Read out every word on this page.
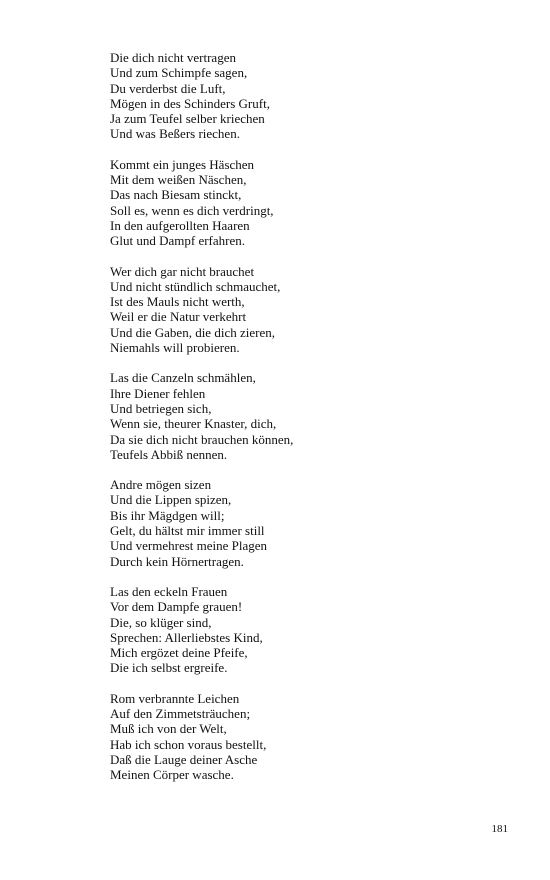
Die dich nicht vertragen
Und zum Schimpfe sagen,
Du verderbst die Luft,
Mögen in des Schinders Gruft,
Ja zum Teufel selber kriechen
Und was Beßers riechen.
Kommt ein junges Häschen
Mit dem weißen Näschen,
Das nach Biesam stinckt,
Soll es, wenn es dich verdringt,
In den aufgerollten Haaren
Glut und Dampf erfahren.
Wer dich gar nicht brauchet
Und nicht stündlich schmauchet,
Ist des Mauls nicht werth,
Weil er die Natur verkehrt
Und die Gaben, die dich zieren,
Niemahls will probieren.
Las die Canzeln schmählen,
Ihre Diener fehlen
Und betriegen sich,
Wenn sie, theurer Knaster, dich,
Da sie dich nicht brauchen können,
Teufels Abbiß nennen.
Andre mögen sizen
Und die Lippen spizen,
Bis ihr Mägdgen will;
Gelt, du hältst mir immer still
Und vermehrest meine Plagen
Durch kein Hörnertragen.
Las den eckeln Frauen
Vor dem Dampfe grauen!
Die, so klüger sind,
Sprechen: Allerliebstes Kind,
Mich ergözet deine Pfeife,
Die ich selbst ergreife.
Rom verbrannte Leichen
Auf den Zimmetsträuchen;
Muß ich von der Welt,
Hab ich schon voraus bestellt,
Daß die Lauge deiner Asche
Meinen Cörper wasche.
181
